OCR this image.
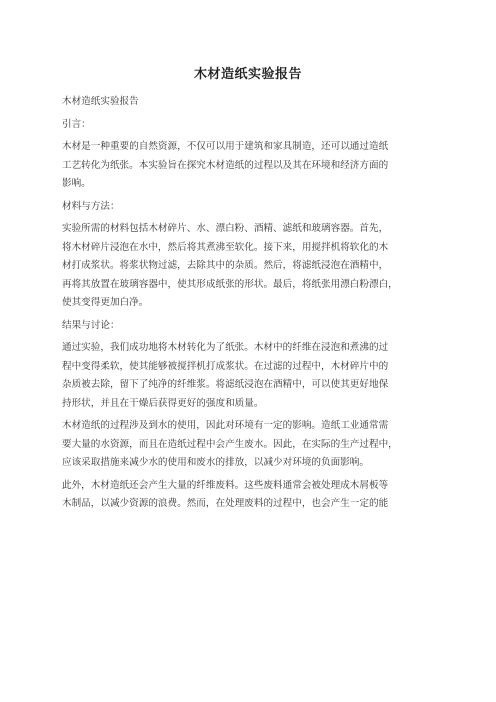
木材造纸实验报告
木材造纸实验报告
引言：
木材是一种重要的自然资源，不仅可以用于建筑和家具制造，还可以通过造纸
工艺转化为纸张。本实验旨在探究木材造纸的过程以及其在环境和经济方面的
影响。
材料与方法：
实验所需的材料包括木材碎片、水、漂白粉、酒精、滤纸和玻璃容器。首先，
将木材碎片浸泡在水中，然后将其煮沸至软化。接下来，用搅拌机将软化的木
材打成浆状。将浆状物过滤，去除其中的杂质。然后，将滤纸浸泡在酒精中，
再将其放置在玻璃容器中，使其形成纸张的形状。最后，将纸张用漂白粉漂白，
使其变得更加白净。
结果与讨论：
通过实验，我们成功地将木材转化为了纸张。木材中的纤维在浸泡和煮沸的过
程中变得柔软，使其能够被搅拌机打成浆状。在过滤的过程中，木材碎片中的
杂质被去除，留下了纯净的纤维浆。将滤纸浸泡在酒精中，可以使其更好地保
持形状，并且在干燥后获得更好的强度和质量。
木材造纸的过程涉及到水的使用，因此对环境有一定的影响。造纸工业通常需
要大量的水资源，而且在造纸过程中会产生废水。因此，在实际的生产过程中，
应该采取措施来减少水的使用和废水的排放，以减少对环境的负面影响。
此外，木材造纸还会产生大量的纤维废料。这些废料通常会被处理成木屑板等
木制品，以减少资源的浪费。然而，在处理废料的过程中，也会产生一定的能
